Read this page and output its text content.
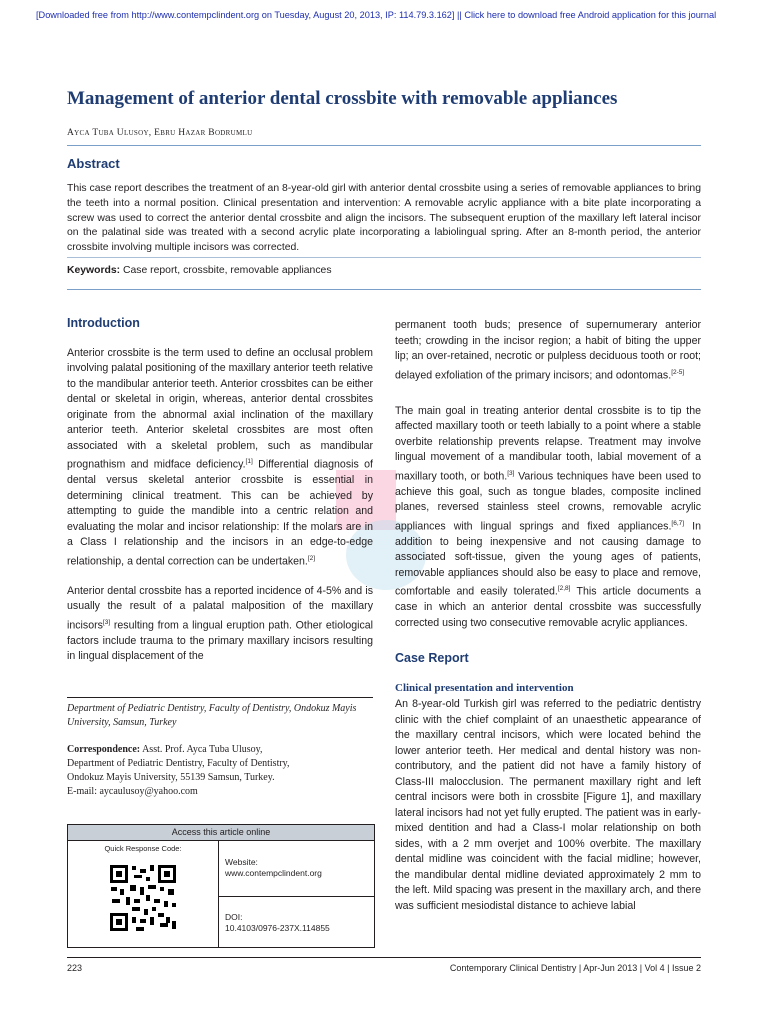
[Downloaded free from http://www.contempclindent.org on Tuesday, August 20, 2013, IP: 114.79.3.162] || Click here to download free Android application for this journal
Management of anterior dental crossbite with removable appliances
Ayca Tuba Ulusoy, Ebru Hazar Bodrumlu
Abstract
This case report describes the treatment of an 8-year-old girl with anterior dental crossbite using a series of removable appliances to bring the teeth into a normal position. Clinical presentation and intervention: A removable acrylic appliance with a bite plate incorporating a screw was used to correct the anterior dental crossbite and align the incisors. The subsequent eruption of the maxillary left lateral incisor on the palatinal side was treated with a second acrylic plate incorporating a labiolingual spring. After an 8-month period, the anterior crossbite involving multiple incisors was corrected.
Keywords: Case report, crossbite, removable appliances
Introduction

Anterior crossbite is the term used to define an occlusal problem involving palatal positioning of the maxillary anterior teeth relative to the mandibular anterior teeth. Anterior crossbites can be either dental or skeletal in origin, whereas, anterior dental crossbites originate from the abnormal axial inclination of the maxillary anterior teeth. Anterior skeletal crossbites are most often associated with a skeletal problem, such as mandibular prognathism and midface deficiency.[1] Differential diagnosis of dental versus skeletal anterior crossbite is essential in determining clinical treatment. This can be achieved by attempting to guide the mandible into a centric relation and evaluating the molar and incisor relationship: If the molars are in a Class I relationship and the incisors in an edge-to-edge relationship, a dental correction can be undertaken.[2]

Anterior dental crossbite has a reported incidence of 4-5% and is usually the result of a palatal malposition of the maxillary incisors[3] resulting from a lingual eruption path. Other etiological factors include trauma to the primary maxillary incisors resulting in lingual displacement of the

Department of Pediatric Dentistry, Faculty of Dentistry, Ondokuz Mayis University, Samsun, Turkey
Correspondence: Asst. Prof. Ayca Tuba Ulusoy,
Department of Pediatric Dentistry, Faculty of Dentistry,
Ondokuz Mayis University, 55139 Samsun, Turkey.
E-mail: aycaulusoy@yahoo.com
Access this article online
Quick Response Code:
Website:
www.contempclindent.org
DOI:
10.4103/0976-237X.114855

permanent tooth buds; presence of supernumerary anterior teeth; crowding in the incisor region; a habit of biting the upper lip; an over-retained, necrotic or pulpless deciduous tooth or root; delayed exfoliation of the primary incisors; and odontomas.[2-5]

The main goal in treating anterior dental crossbite is to tip the affected maxillary tooth or teeth labially to a point where a stable overbite relationship prevents relapse. Treatment may involve lingual movement of a mandibular tooth, labial movement of a maxillary tooth, or both.[3] Various techniques have been used to achieve this goal, such as tongue blades, composite inclined planes, reversed stainless steel crowns, removable acrylic appliances with lingual springs and fixed appliances.[6,7] In addition to being inexpensive and not causing damage to associated soft-tissue, given the young ages of patients, removable appliances should also be easy to place and remove, comfortable and easily tolerated.[2,8] This article documents a case in which an anterior dental crossbite was successfully corrected using two consecutive removable acrylic appliances.

Case Report
Clinical presentation and intervention

An 8-year-old Turkish girl was referred to the pediatric dentistry clinic with the chief complaint of an unaesthetic appearance of the maxillary central incisors, which were located behind the lower anterior teeth. Her medical and dental history was non-contributory, and the patient did not have a family history of Class-III malocclusion. The permanent maxillary right and left central incisors were both in crossbite [Figure 1], and maxillary lateral incisors had not yet fully erupted. The patient was in early-mixed dentition and had a Class-I molar relationship on both sides, with a 2 mm overjet and 100% overbite. The maxillary dental midline was coincident with the facial midline; however, the mandibular dental midline deviated approximately 2 mm to the left. Mild spacing was present in the maxillary arch, and there was sufficient mesiodistal distance to achieve labial

223	Contemporary Clinical Dentistry | Apr-Jun 2013 | Vol 4 | Issue 2
